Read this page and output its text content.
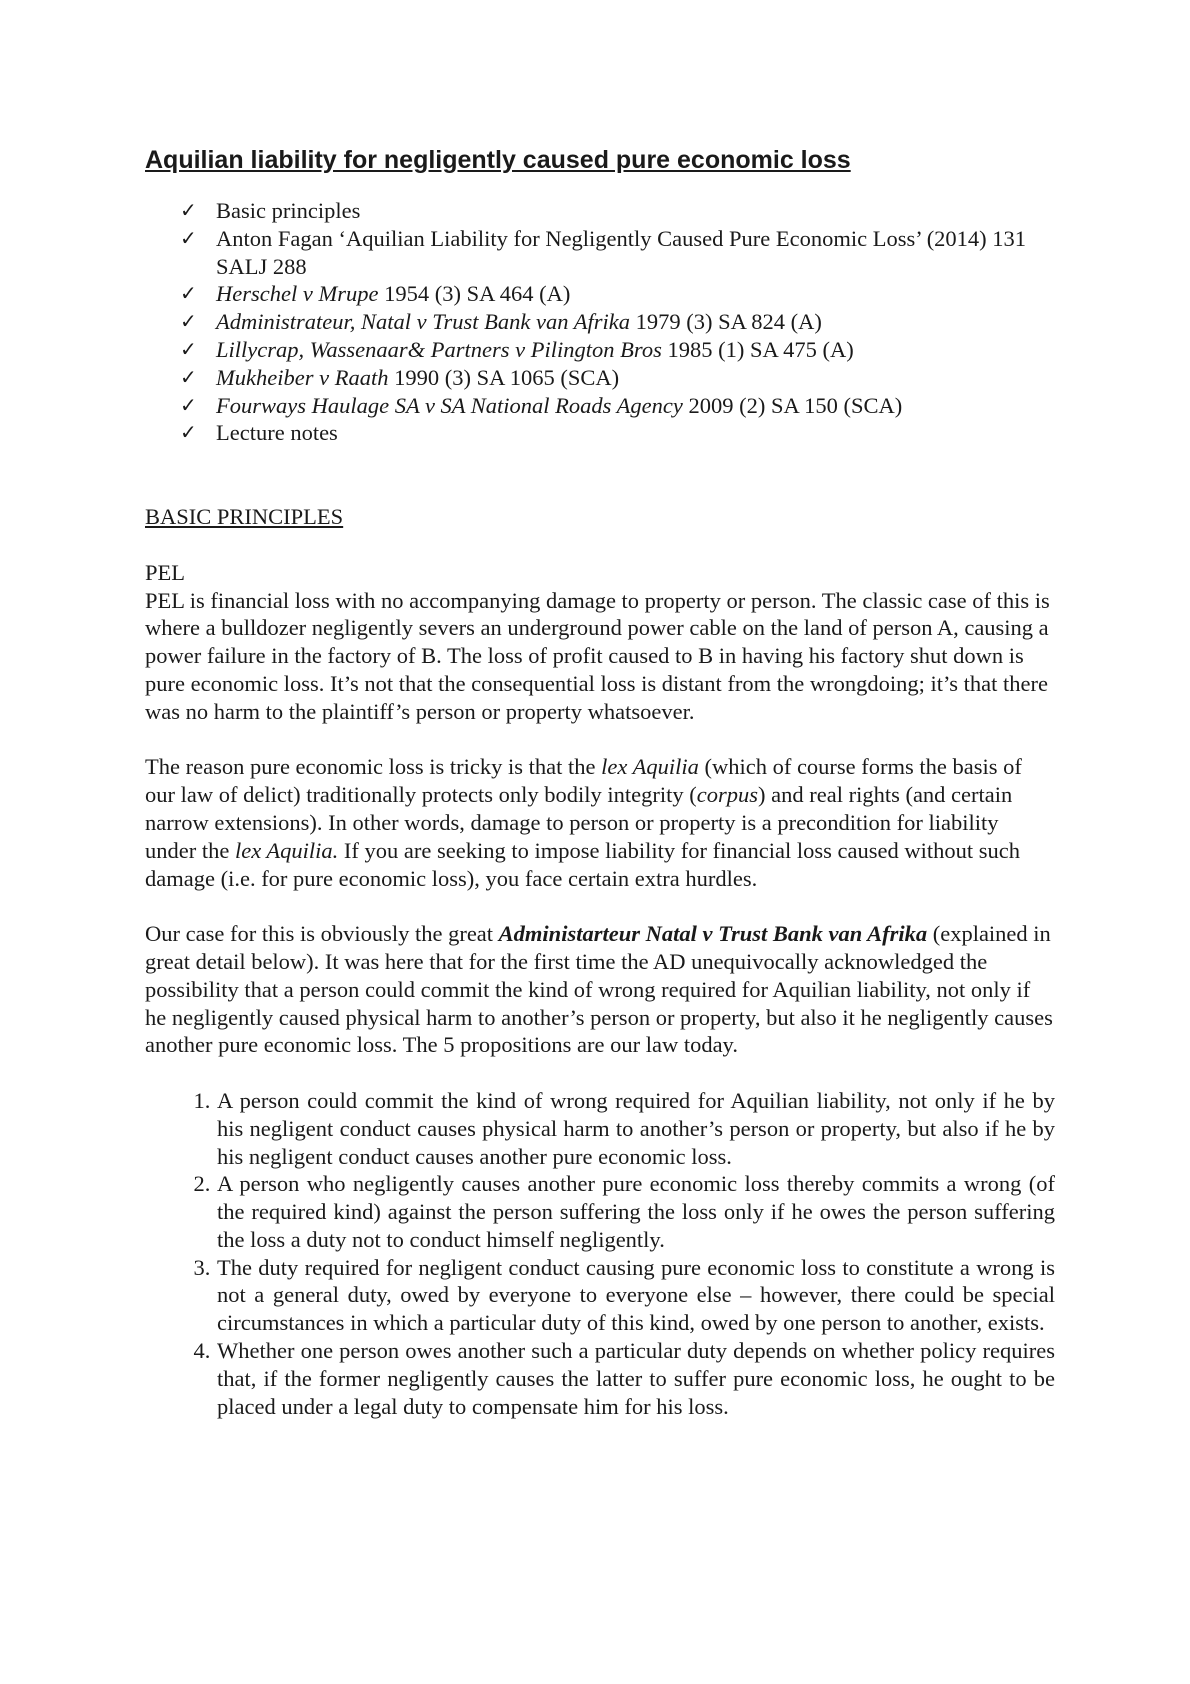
Aquilian liability for negligently caused pure economic loss
✓ Basic principles
✓ Anton Fagan ‘Aquilian Liability for Negligently Caused Pure Economic Loss’ (2014) 131 SALJ 288
✓ Herschel v Mrupe 1954 (3) SA 464 (A)
✓ Administrateur, Natal v Trust Bank van Afrika 1979 (3) SA 824 (A)
✓ Lillycrap, Wassenaar& Partners v Pilington Bros 1985 (1) SA 475 (A)
✓ Mukheiber v Raath 1990 (3) SA 1065 (SCA)
✓ Fourways Haulage SA v SA National Roads Agency 2009 (2) SA 150 (SCA)
✓ Lecture notes
BASIC PRINCIPLES

PEL

PEL is financial loss with no accompanying damage to property or person. The classic case of this is where a bulldozer negligently severs an underground power cable on the land of person A, causing a power failure in the factory of B. The loss of profit caused to B in having his factory shut down is pure economic loss. It’s not that the consequential loss is distant from the wrongdoing; it’s that there was no harm to the plaintiff’s person or property whatsoever.

The reason pure economic loss is tricky is that the lex Aquilia (which of course forms the basis of our law of delict) traditionally protects only bodily integrity (corpus) and real rights (and certain narrow extensions). In other words, damage to person or property is a precondition for liability under the lex Aquilia. If you are seeking to impose liability for financial loss caused without such damage (i.e. for pure economic loss), you face certain extra hurdles.

Our case for this is obviously the great Administarteur Natal v Trust Bank van Afrika (explained in great detail below). It was here that for the first time the AD unequivocally acknowledged the possibility that a person could commit the kind of wrong required for Aquilian liability, not only if he negligently caused physical harm to another’s person or property, but also it he negligently causes another pure economic loss. The 5 propositions are our law today.

1. A person could commit the kind of wrong required for Aquilian liability, not only if he by his negligent conduct causes physical harm to another’s person or property, but also if he by his negligent conduct causes another pure economic loss.
2. A person who negligently causes another pure economic loss thereby commits a wrong (of the required kind) against the person suffering the loss only if he owes the person suffering the loss a duty not to conduct himself negligently.
3. The duty required for negligent conduct causing pure economic loss to constitute a wrong is not a general duty, owed by everyone to everyone else – however, there could be special circumstances in which a particular duty of this kind, owed by one person to another, exists.
4. Whether one person owes another such a particular duty depends on whether policy requires that, if the former negligently causes the latter to suffer pure economic loss, he ought to be placed under a legal duty to compensate him for his loss.
